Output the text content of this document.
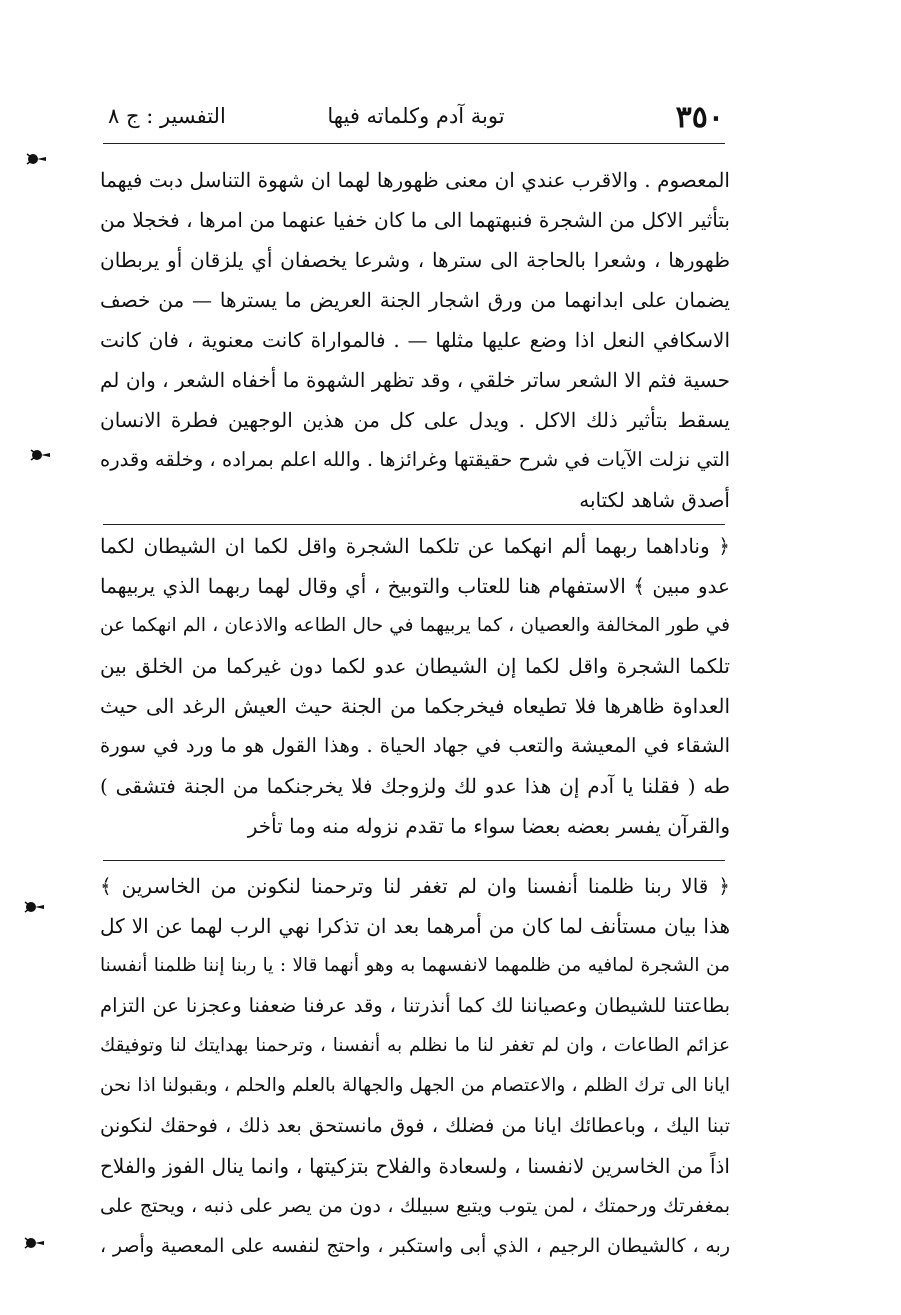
٣٥٠
توبة آدم وكلماته فيها
التفسير : ج ٨
المعصوم . والاقرب عندي ان معنى ظهورها لهما ان شهوة التناسل دبت فيهما
بتأثير الاكل من الشجرة فنبهتهما الى ما كان خفيا عنهما من امرها ، فخجلا من
ظهورها ، وشعرا بالحاجة الى سترها ، وشرعا يخصفان أي يلزقان أو يربطان
يضمان على ابدانهما من ورق اشجار الجنة العريض ما يسترها — من خصف
الاسكافي النعل اذا وضع عليها مثلها — . فالمواراة كانت معنوية ، فان كانت
حسية فثم الا الشعر ساتر خلقي ، وقد تظهر الشهوة ما أخفاه الشعر ، وان لم
يسقط بتأثير ذلك الاكل . ويدل على كل من هذين الوجهين فطرة الانسان
التي نزلت الآيات في شرح حقيقتها وغرائزها . والله اعلم بمراده ، وخلقه وقدره
أصدق شاهد لكتابه
﴿ وناداهما ربهما ألم انهكما عن تلكما الشجرة واقل لكما ان الشيطان لكما
عدو مبين ﴾ الاستفهام هنا للعتاب والتوبيخ ، أي وقال لهما ربهما الذي يربيهما
في طور المخالفة والعصيان ، كما يربيهما في حال الطاعه والاذعان ، الم انهكما عن
تلكما الشجرة واقل لكما إن الشيطان عدو لكما دون غيركما من الخلق بين
العداوة ظاهرها فلا تطيعاه فيخرجكما من الجنة حيث العيش الرغد الى حيث
الشقاء في المعيشة والتعب في جهاد الحياة . وهذا القول هو ما ورد في سورة
طه ( فقلنا يا آدم إن هذا عدو لك ولزوجك فلا يخرجنكما من الجنة فتشقى )
والقرآن يفسر بعضه بعضا سواء ما تقدم نزوله منه وما تأخر
﴿ قالا ربنا ظلمنا أنفسنا وان لم تغفر لنا وترحمنا لنكونن من الخاسرين ﴾
هذا بيان مستأنف لما كان من أمرهما بعد ان تذكرا نهي الرب لهما عن الا كل
من الشجرة لمافيه من ظلمهما لانفسهما به وهو أنهما قالا : يا ربنا إننا ظلمنا أنفسنا
بطاعتنا للشيطان وعصياننا لك كما أنذرتنا ، وقد عرفنا ضعفنا وعجزنا عن التزام
عزائم الطاعات ، وان لم تغفر لنا ما نظلم به أنفسنا ، وترحمنا بهدايتك لنا وتوفيقك
ايانا الى ترك الظلم ، والاعتصام من الجهل والجهالة بالعلم والحلم ، وبقبولنا اذا نحن
تبنا اليك ، وباعطائك ايانا من فضلك ، فوق مانستحق بعد ذلك ، فوحقك لنكونن
اذاً من الخاسرين لانفسنا ، ولسعادة والفلاح بتزكيتها ، وانما ينال الفوز والفلاح
بمغفرتك ورحمتك ، لمن يتوب ويتبع سبيلك ، دون من يصر على ذنبه ، ويحتج على
ربه ، كالشيطان الرجيم ، الذي أبى واستكبر ، واحتج لنفسه على المعصية وأصر ،
